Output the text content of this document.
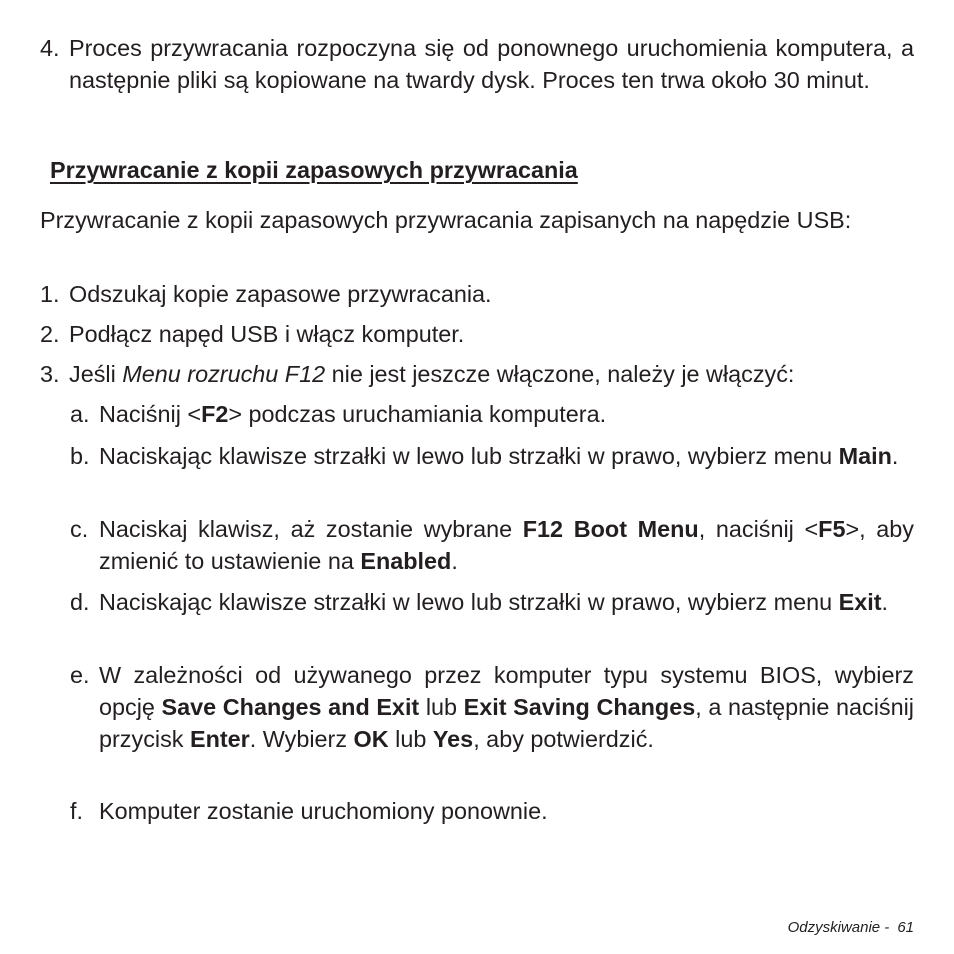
4. Proces przywracania rozpoczyna się od ponownego uruchomienia komputera, a następnie pliki są kopiowane na twardy dysk. Proces ten trwa około 30 minut.

Przywracanie z kopii zapasowych przywracania

Przywracanie z kopii zapasowych przywracania zapisanych na napędzie USB:

1. Odszukaj kopie zapasowe przywracania.

2. Podłącz napęd USB i włącz komputer.

3. Jeśli Menu rozruchu F12 nie jest jeszcze włączone, należy je włączyć:

a. Naciśnij <F2> podczas uruchamiania komputera.

b. Naciskając klawisze strzałki w lewo lub strzałki w prawo, wybierz menu Main.

c. Naciskaj klawisz, aż zostanie wybrane F12 Boot Menu, naciśnij <F5>, aby zmienić to ustawienie na Enabled.

d. Naciskając klawisze strzałki w lewo lub strzałki w prawo, wybierz menu Exit.

e. W zależności od używanego przez komputer typu systemu BIOS, wybierz opcję Save Changes and Exit lub Exit Saving Changes, a następnie naciśnij przycisk Enter. Wybierz OK lub Yes, aby potwierdzić.

f. Komputer zostanie uruchomiony ponownie.

Odzyskiwanie - 61
